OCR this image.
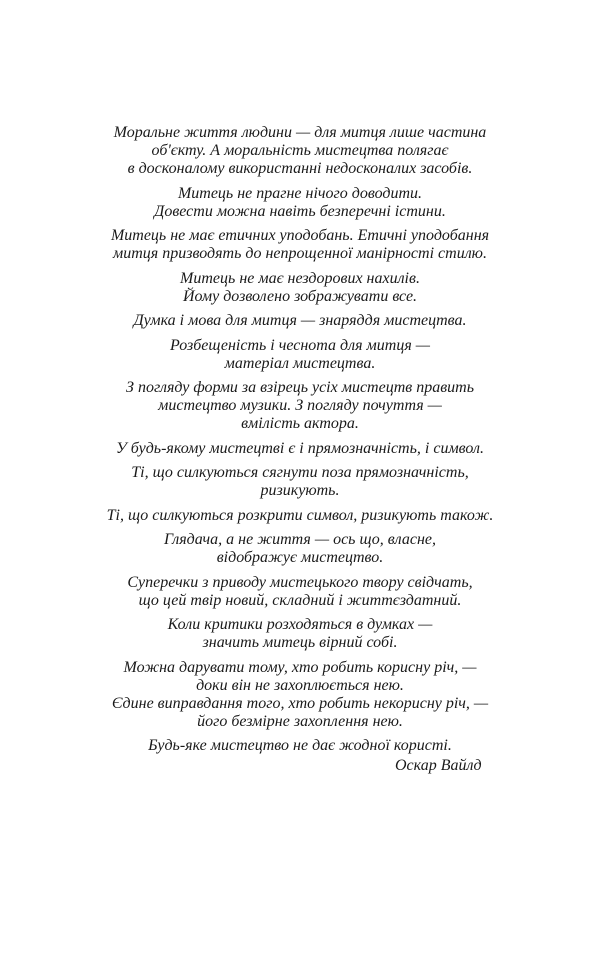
Моральне життя людини — для митця лише частина
об'єкту. А моральність мистецтва полягає
в досконалому використанні недосконалих засобів.

Митець не прагне нічого доводити.
Довести можна навіть безперечні істини.

Митець не має етичних уподобань. Етичні уподобання
митця призводять до непрощенної манірності стилю.

Митець не має нездорових нахилів.
Йому дозволено зображувати все.

Думка і мова для митця — знаряддя мистецтва.

Розбещеність і чеснота для митця —
матеріал мистецтва.

З погляду форми за взірець усіх мистецтв править
мистецтво музики. З погляду почуття —
вмілість актора.

У будь-якому мистецтві є і прямозначність, і символ.

Ті, що силкуються сягнути поза прямозначність,
ризикують.

Ті, що силкуються розкрити символ, ризикують також.

Глядача, а не життя — ось що, власне,
відображує мистецтво.

Суперечки з приводу мистецького твору свідчать,
що цей твір новий, складний і життєздатний.

Коли критики розходяться в думках —
значить митець вірний собі.

Можна дарувати тому, хто робить корисну річ, —
доки він не захоплюється нею.
Єдине виправдання того, хто робить некорисну річ, —
його безмірне захоплення нею.

Будь-яке мистецтво не дає жодної користі.

Оскар Вайлд
